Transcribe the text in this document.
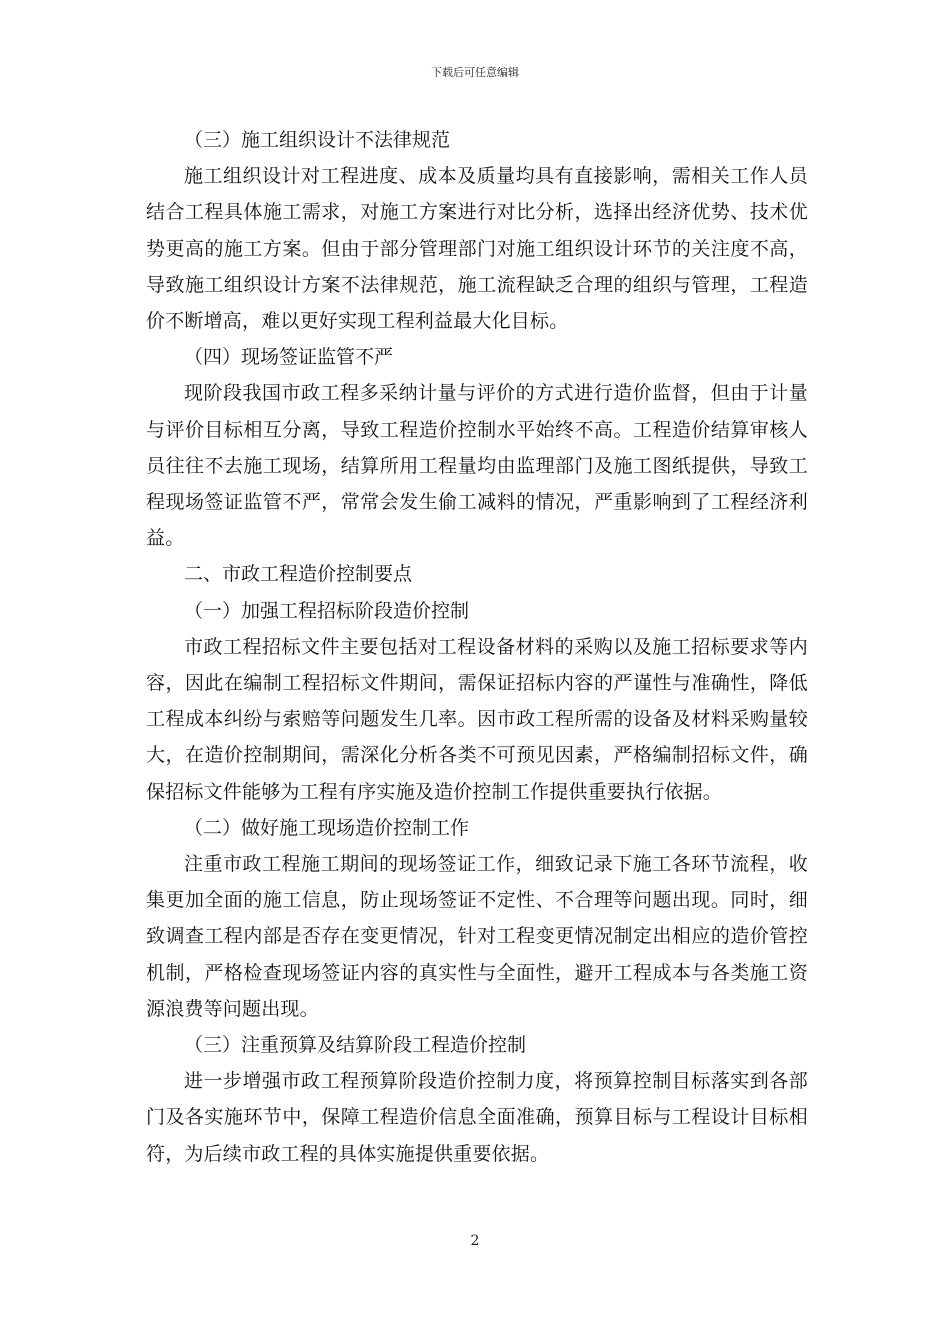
下载后可任意编辑

（三）施工组织设计不法律规范

施工组织设计对工程进度、成本及质量均具有直接影响，需相关工作人员结合工程具体施工需求，对施工方案进行对比分析，选择出经济优势、技术优势更高的施工方案。但由于部分管理部门对施工组织设计环节的关注度不高，导致施工组织设计方案不法律规范，施工流程缺乏合理的组织与管理，工程造价不断增高，难以更好实现工程利益最大化目标。

（四）现场签证监管不严

现阶段我国市政工程多采纳计量与评价的方式进行造价监督，但由于计量与评价目标相互分离，导致工程造价控制水平始终不高。工程造价结算审核人员往往不去施工现场，结算所用工程量均由监理部门及施工图纸提供，导致工程现场签证监管不严，常常会发生偷工减料的情况，严重影响到了工程经济利益。

二、市政工程造价控制要点

（一）加强工程招标阶段造价控制

市政工程招标文件主要包括对工程设备材料的采购以及施工招标要求等内容，因此在编制工程招标文件期间，需保证招标内容的严谨性与准确性，降低工程成本纠纷与索赔等问题发生几率。因市政工程所需的设备及材料采购量较大，在造价控制期间，需深化分析各类不可预见因素，严格编制招标文件，确保招标文件能够为工程有序实施及造价控制工作提供重要执行依据。

（二）做好施工现场造价控制工作

注重市政工程施工期间的现场签证工作，细致记录下施工各环节流程，收集更加全面的施工信息，防止现场签证不定性、不合理等问题出现。同时，细致调查工程内部是否存在变更情况，针对工程变更情况制定出相应的造价管控机制，严格检查现场签证内容的真实性与全面性，避开工程成本与各类施工资源浪费等问题出现。

（三）注重预算及结算阶段工程造价控制

进一步增强市政工程预算阶段造价控制力度，将预算控制目标落实到各部门及各实施环节中，保障工程造价信息全面准确，预算目标与工程设计目标相符，为后续市政工程的具体实施提供重要依据。

2
